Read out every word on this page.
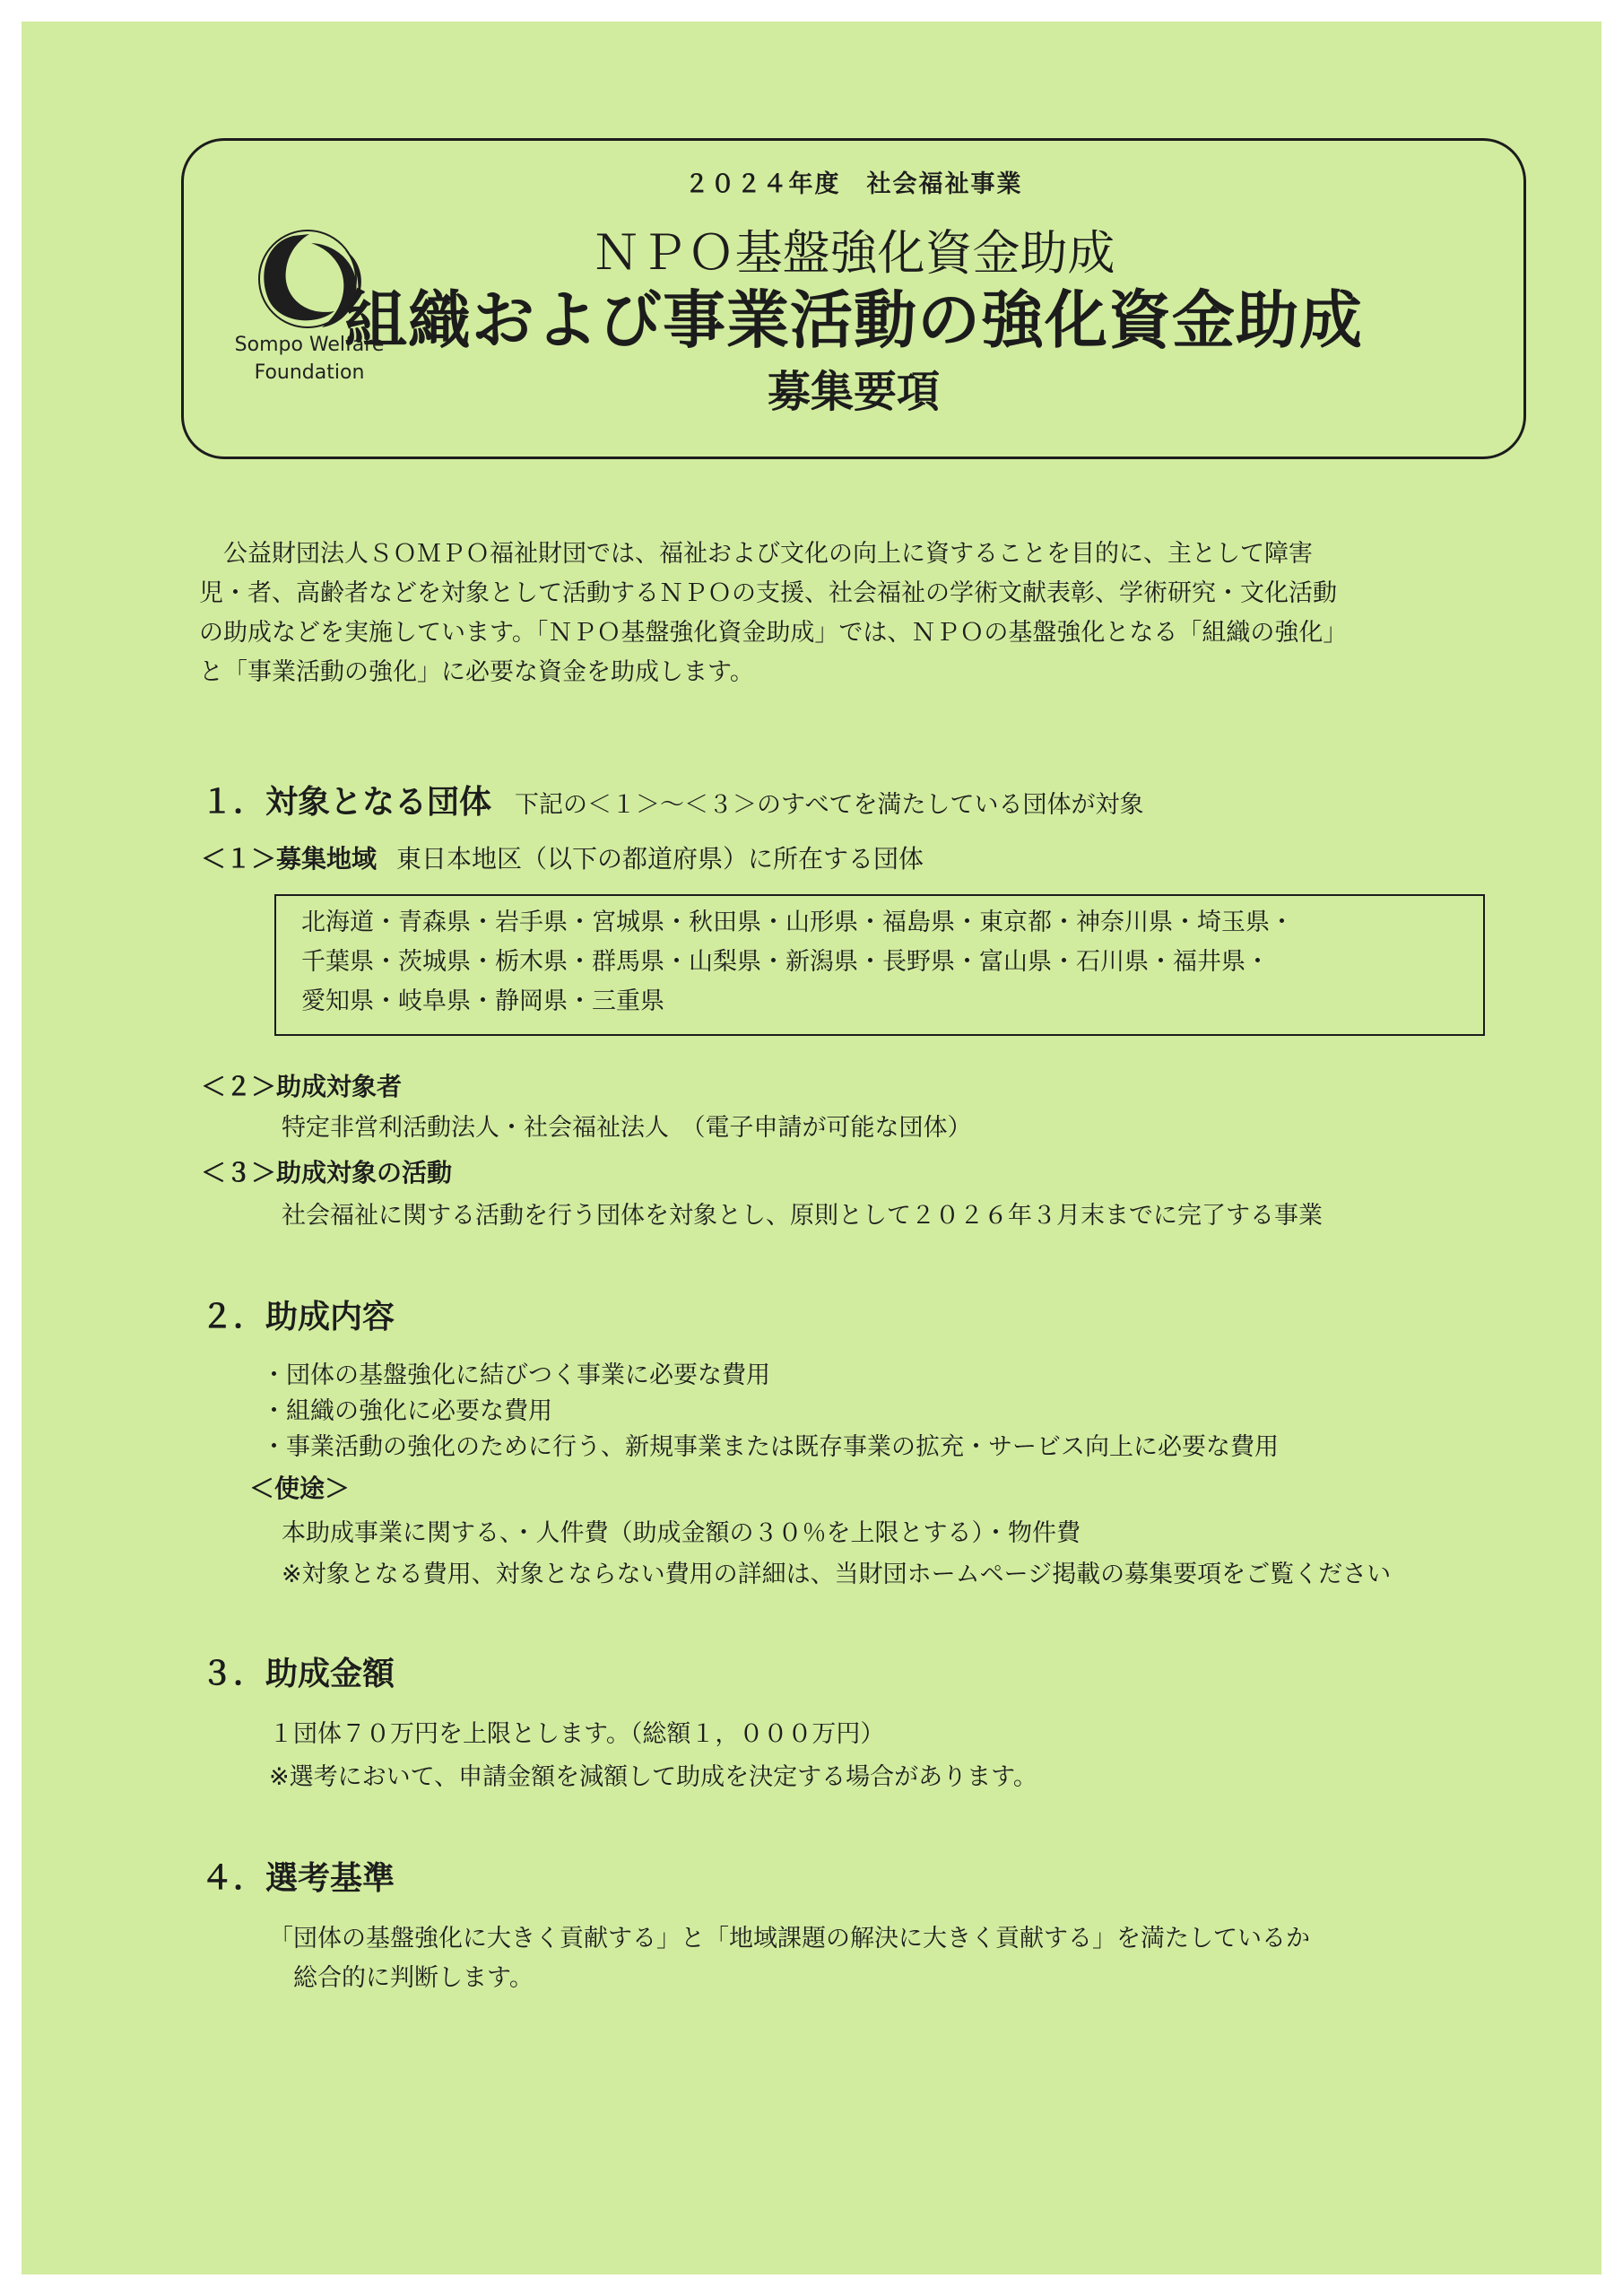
Sompo Welfare
Foundation
２０２４年度　社会福祉事業
ＮＰＯ基盤強化資金助成
組織および事業活動の強化資金助成
募集要項
公益財団法人ＳＯＭＰＯ福祉財団では、福祉および文化の向上に資することを目的に、主として障害
児・者、高齢者などを対象として活動するＮＰＯの支援、社会福祉の学術文献表彰、学術研究・文化活動
の助成などを実施しています。「ＮＰＯ基盤強化資金助成」では、ＮＰＯの基盤強化となる「組織の強化」
と「事業活動の強化」に必要な資金を助成します。
１．対象となる団体 下記の＜１＞～＜３＞のすべてを満たしている団体が対象
＜１＞募集地域 東日本地区（以下の都道府県）に所在する団体
北海道・青森県・岩手県・宮城県・秋田県・山形県・福島県・東京都・神奈川県・埼玉県・
千葉県・茨城県・栃木県・群馬県・山梨県・新潟県・長野県・富山県・石川県・福井県・
愛知県・岐阜県・静岡県・三重県
＜２＞助成対象者
特定非営利活動法人・社会福祉法人　（電子申請が可能な団体）
＜３＞助成対象の活動
社会福祉に関する活動を行う団体を対象とし、原則として２０２６年３月末までに完了する事業
２．助成内容
・団体の基盤強化に結びつく事業に必要な費用
・組織の強化に必要な費用
・事業活動の強化のために行う、新規事業または既存事業の拡充・サービス向上に必要な費用
＜使途＞
本助成事業に関する、・人件費（助成金額の３０％を上限とする）・物件費
※対象となる費用、対象とならない費用の詳細は、当財団ホームページ掲載の募集要項をご覧ください
３．助成金額
１団体７０万円を上限とします。（総額１，０００万円）
※選考において、申請金額を減額して助成を決定する場合があります。
４．選考基準
「団体の基盤強化に大きく貢献する」と「地域課題の解決に大きく貢献する」を満たしているか
　総合的に判断します。
